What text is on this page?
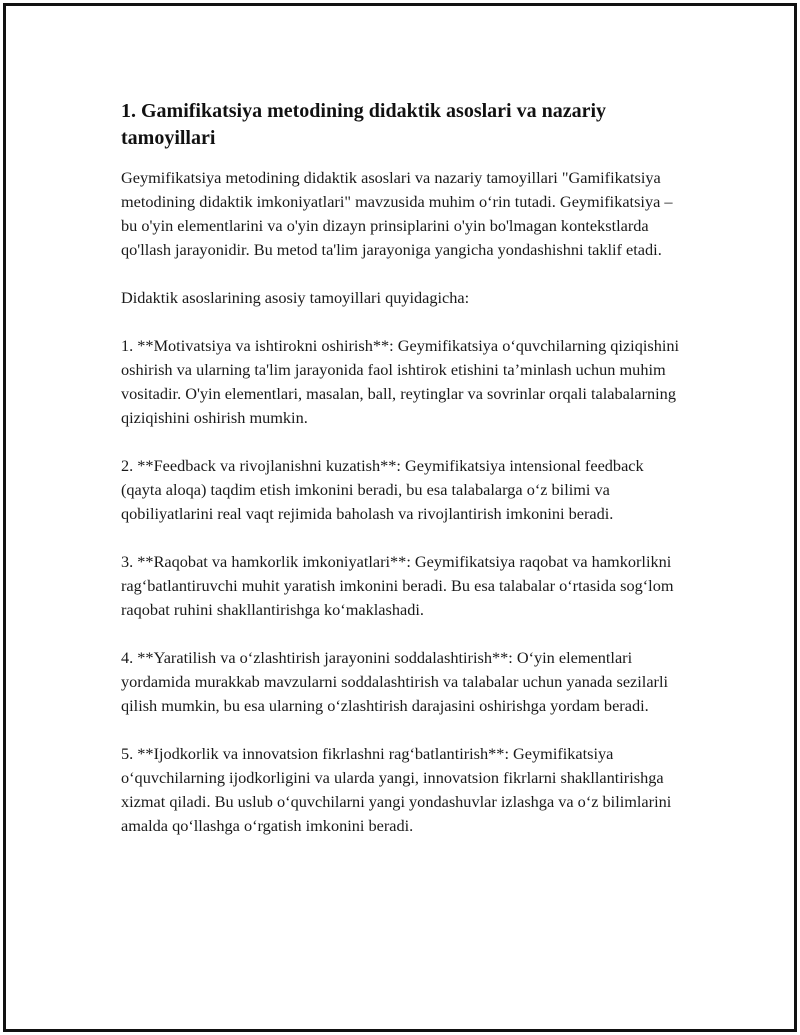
1. Gamifikatsiya metodining didaktik asoslari va nazariy tamoyillari

Geymifikatsiya metodining didaktik asoslari va nazariy tamoyillari "Gamifikatsiya metodining didaktik imkoniyatlari" mavzusida muhim o‘rin tutadi. Geymifikatsiya – bu o'yin elementlarini va o'yin dizayn prinsiplarini o'yin bo'lmagan kontekstlarda qo'llash jarayonidir. Bu metod ta'lim jarayoniga yangicha yondashishni taklif etadi.

Didaktik asoslarining asosiy tamoyillari quyidagicha:

1. **Motivatsiya va ishtirokni oshirish**: Geymifikatsiya o‘quvchilarning qiziqishini oshirish va ularning ta'lim jarayonida faol ishtirok etishini ta’minlash uchun muhim vositadir. O'yin elementlari, masalan, ball, reytinglar va sovrinlar orqali talabalarning qiziqishini oshirish mumkin.

2. **Feedback va rivojlanishni kuzatish**: Geymifikatsiya intensional feedback (qayta aloqa) taqdim etish imkonini beradi, bu esa talabalarga o‘z bilimi va qobiliyatlarini real vaqt rejimida baholash va rivojlantirish imkonini beradi.

3. **Raqobat va hamkorlik imkoniyatlari**: Geymifikatsiya raqobat va hamkorlikni rag‘batlantiruvchi muhit yaratish imkonini beradi. Bu esa talabalar o‘rtasida sog‘lom raqobat ruhini shakllantirishga ko‘maklashadi.

4. **Yaratilish va o‘zlashtirish jarayonini soddalashtirish**: O‘yin elementlari yordamida murakkab mavzularni soddalashtirish va talabalar uchun yanada sezilarli qilish mumkin, bu esa ularning o‘zlashtirish darajasini oshirishga yordam beradi.

5. **Ijodkorlik va innovatsion fikrlashni rag‘batlantirish**: Geymifikatsiya o‘quvchilarning ijodkorligini va ularda yangi, innovatsion fikrlarni shakllantirishga xizmat qiladi. Bu uslub o‘quvchilarni yangi yondashuvlar izlashga va o‘z bilimlarini amalda qo‘llashga o‘rgatish imkonini beradi.
